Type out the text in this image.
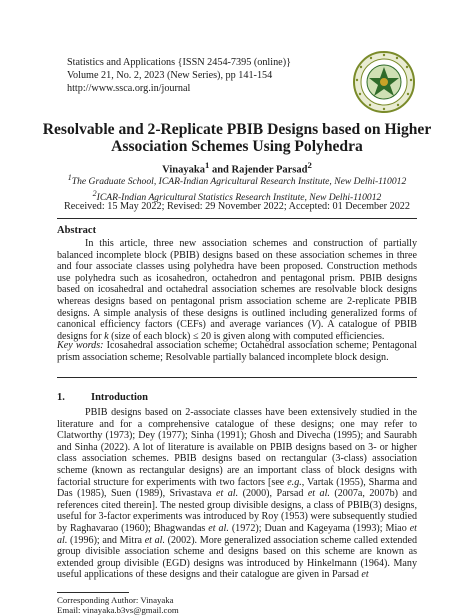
Statistics and Applications {ISSN 2454-7395 (online)}
Volume 21, No. 2, 2023 (New Series), pp 141-154
http://www.ssca.org.in/journal
Resolvable and 2-Replicate PBIB Designs based on Higher
Association Schemes Using Polyhedra
Vinayaka$^1$ and Rajender Parsad$^2$
$^1$The Graduate School, ICAR-Indian Agricultural Research Institute, New Delhi-110012
$^2$ICAR-Indian Agricultural Statistics Research Institute, New Delhi-110012
Received: 15 May 2022; Revised: 29 November 2022; Accepted: 01 December 2022
Abstract
In this article, three new association schemes and construction of partially balanced incomplete block (PBIB) designs based on these association schemes in three and four associate classes using polyhedra have been proposed. Construction methods use polyhedra such as icosahedron, octahedron and pentagonal prism. PBIB designs based on icosahedral and octahedral association schemes are resolvable block designs whereas designs based on pentagonal prism association scheme are 2-replicate PBIB designs. A simple analysis of these designs is outlined including generalized forms of canonical efficiency factors (CEFs) and average variances (V). A catalogue of PBIB designs for k (size of each block) ≤ 20 is given along with computed efficiencies.
Key words: Icosahedral association scheme; Octahedral association scheme; Pentagonal prism association scheme; Resolvable partially balanced incomplete block design.
1. Introduction
PBIB designs based on 2-associate classes have been extensively studied in the literature and for a comprehensive catalogue of these designs; one may refer to Clatworthy (1973); Dey (1977); Sinha (1991); Ghosh and Divecha (1995); and Saurabh and Sinha (2022). A lot of literature is available on PBIB designs based on 3- or higher class association schemes. PBIB designs based on rectangular (3-class) association scheme (known as rectangular designs) are an important class of block designs with factorial structure for experiments with two factors [see e.g., Vartak (1955), Sharma and Das (1985), Suen (1989), Srivastava et al. (2000), Parsad et al. (2007a, 2007b) and references cited therein]. The nested group divisible designs, a class of PBIB(3) designs, useful for 3-factor experiments was introduced by Roy (1953) were subsequently studied by Raghavarao (1960); Bhagwandas et al. (1972); Duan and Kageyama (1993); Miao et al. (1996); and Mitra et al. (2002). More generalized association scheme called extended group divisible association scheme and designs based on this scheme are known as extended group divisible (EGD) designs was introduced by Hinkelmann (1964). Many useful applications of these designs and their catalogue are given in Parsad et
Corresponding Author: Vinayaka
Email: vinayaka.b3vs@gmail.com
